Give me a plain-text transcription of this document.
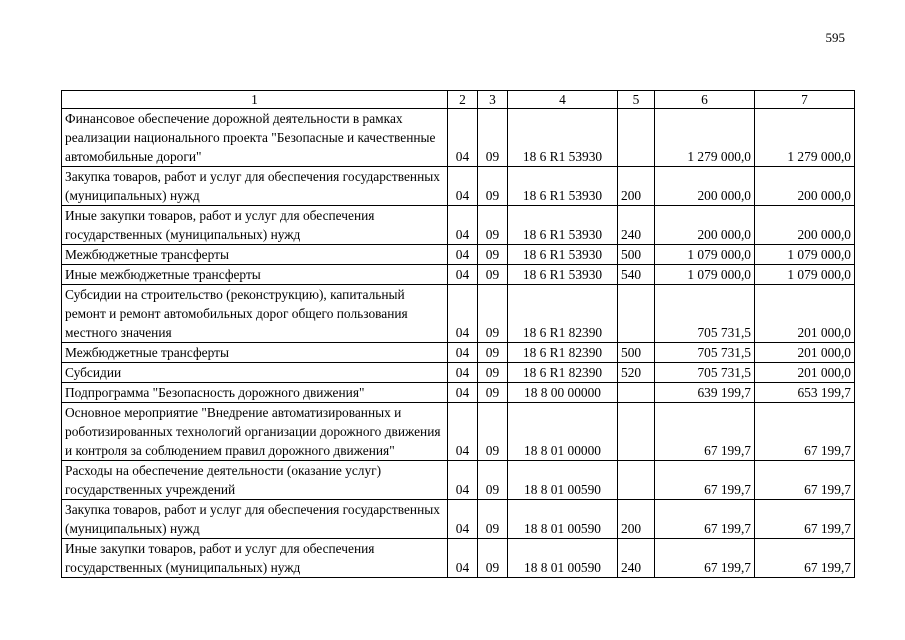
595
1	2	3	4	5	6	7
Финансовое обеспечение дорожной деятельности в рамках реализации национального проекта "Безопасные и качественные автомобильные дороги"	04	09	18 6 R1 53930		1 279 000,0	1 279 000,0
Закупка товаров, работ и услуг для обеспечения государственных (муниципальных) нужд	04	09	18 6 R1 53930	200	200 000,0	200 000,0
Иные закупки товаров, работ и услуг для обеспечения государственных (муниципальных) нужд	04	09	18 6 R1 53930	240	200 000,0	200 000,0
Межбюджетные трансферты	04	09	18 6 R1 53930	500	1 079 000,0	1 079 000,0
Иные межбюджетные трансферты	04	09	18 6 R1 53930	540	1 079 000,0	1 079 000,0
Субсидии на строительство (реконструкцию), капитальный ремонт и ремонт автомобильных дорог общего пользования местного значения	04	09	18 6 R1 82390		705 731,5	201 000,0
Межбюджетные трансферты	04	09	18 6 R1 82390	500	705 731,5	201 000,0
Субсидии	04	09	18 6 R1 82390	520	705 731,5	201 000,0
Подпрограмма "Безопасность дорожного движения"	04	09	18 8 00 00000		639 199,7	653 199,7
Основное мероприятие "Внедрение автоматизированных и роботизированных технологий организации дорожного движения и контроля за соблюдением правил дорожного движения"	04	09	18 8 01 00000		67 199,7	67 199,7
Расходы на обеспечение деятельности (оказание услуг) государственных учреждений	04	09	18 8 01 00590		67 199,7	67 199,7
Закупка товаров, работ и услуг для обеспечения государственных (муниципальных) нужд	04	09	18 8 01 00590	200	67 199,7	67 199,7
Иные закупки товаров, работ и услуг для обеспечения государственных (муниципальных) нужд	04	09	18 8 01 00590	240	67 199,7	67 199,7
